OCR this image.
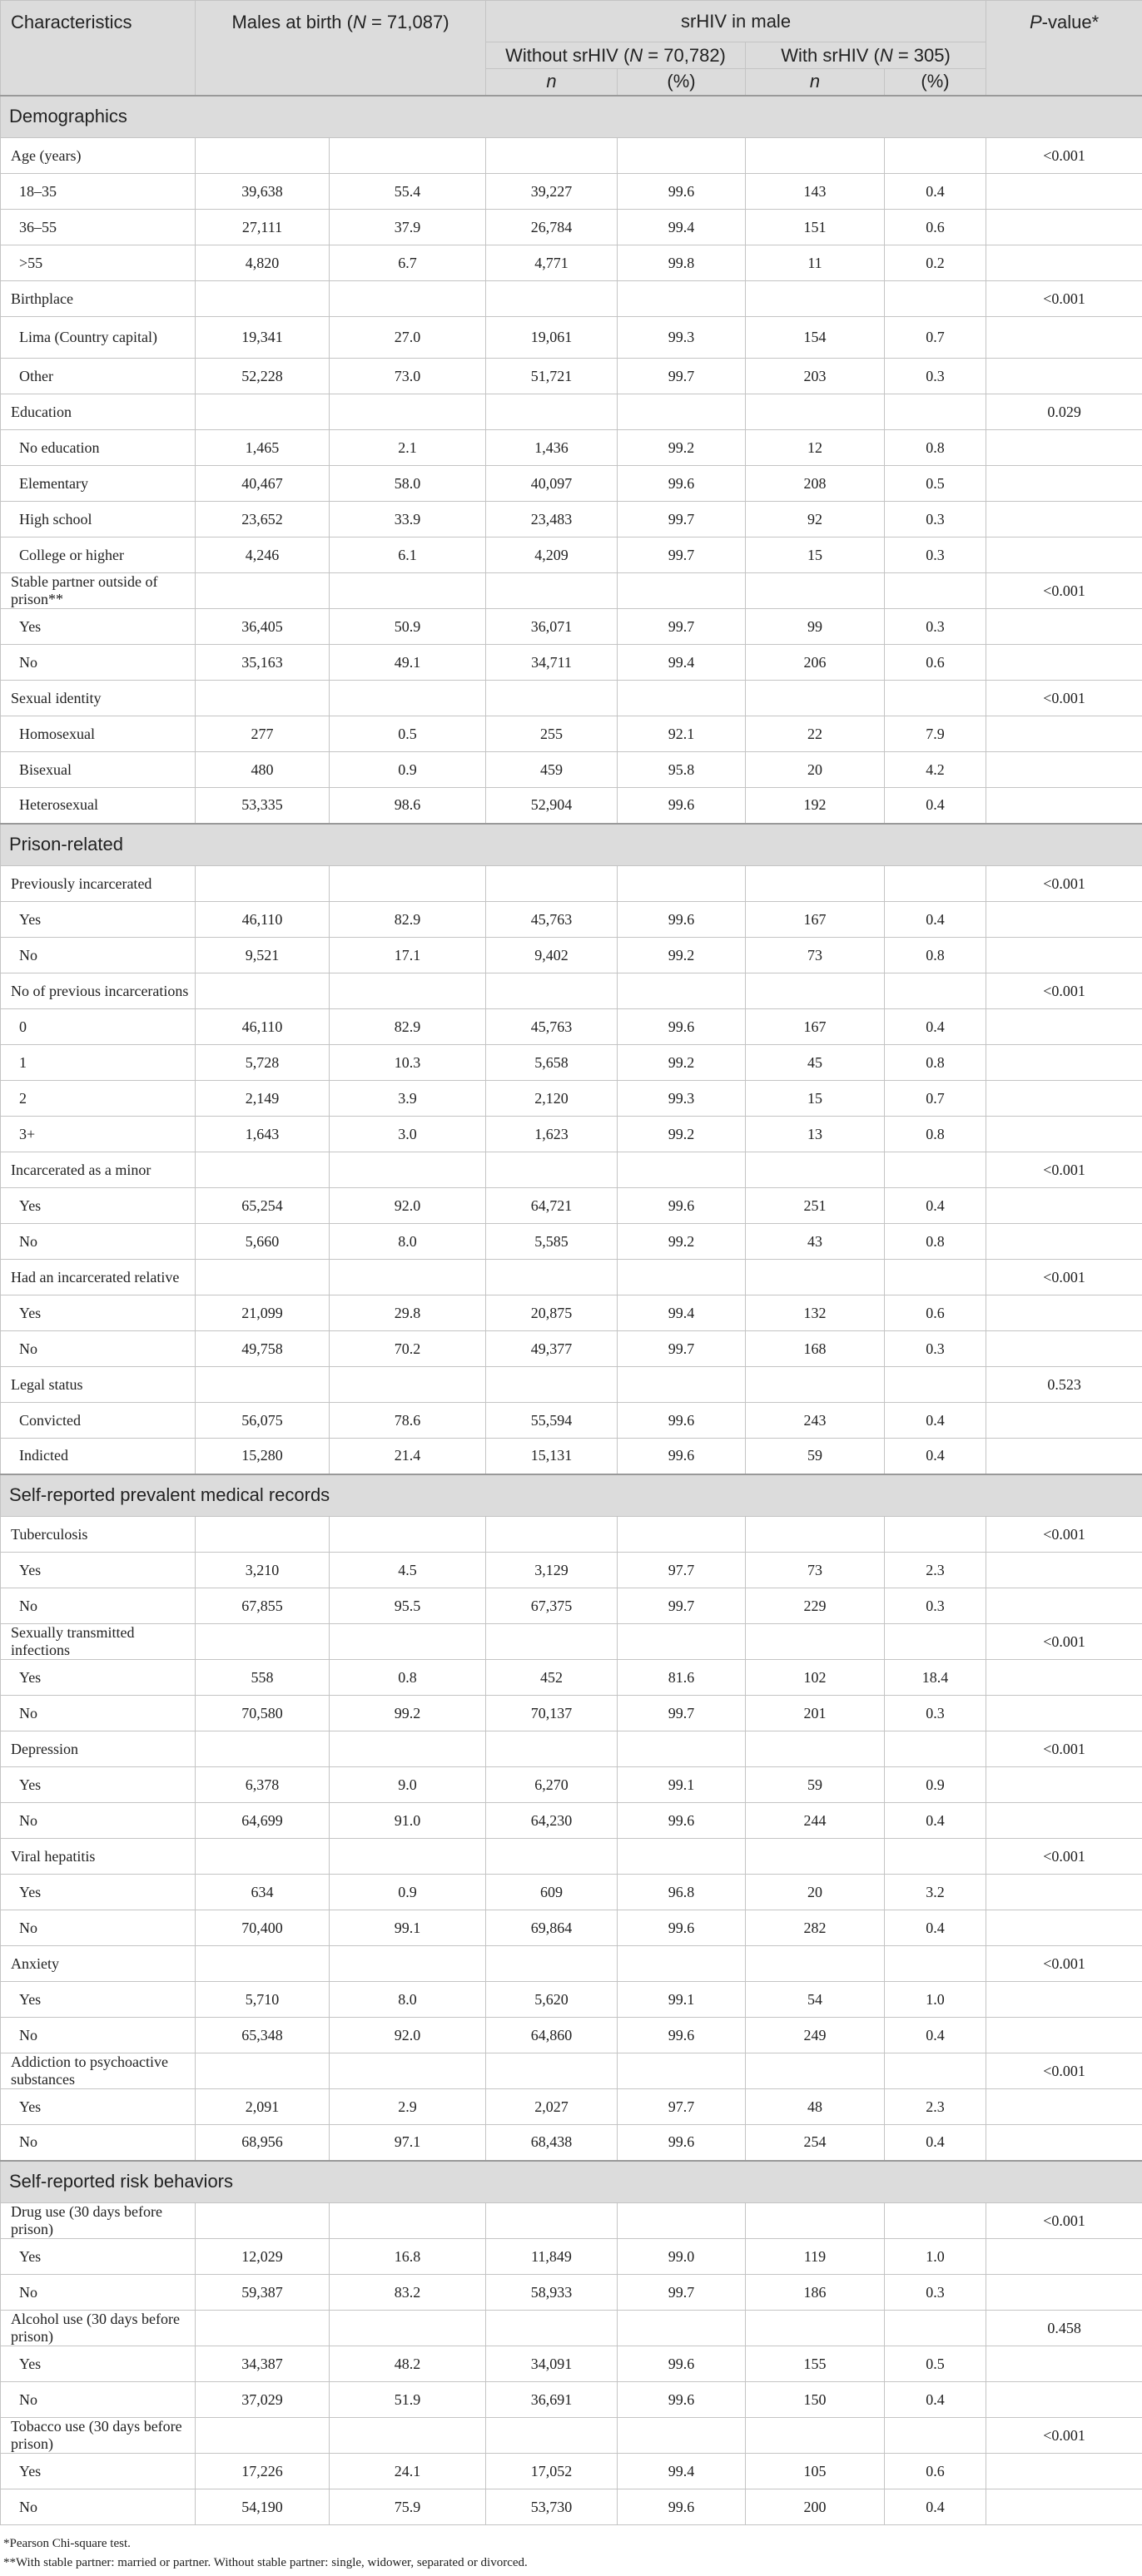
Characteristics	Males at birth (N = 71,087)		srHIV in male				P-value*
			Without srHIV (N = 70,782)		With srHIV (N = 305)		
			n	(%)	n	(%)	
Demographics							
Age (years)							<0.001
18–35	39,638	55.4	39,227	99.6	143	0.4	
36–55	27,111	37.9	26,784	99.4	151	0.6	
>55	4,820	6.7	4,771	99.8	11	0.2	
Birthplace							<0.001
Lima (Country capital)	19,341	27.0	19,061	99.3	154	0.7	
Other	52,228	73.0	51,721	99.7	203	0.3	
Education							0.029
No education	1,465	2.1	1,436	99.2	12	0.8	
Elementary	40,467	58.0	40,097	99.6	208	0.5	
High school	23,652	33.9	23,483	99.7	92	0.3	
College or higher	4,246	6.1	4,209	99.7	15	0.3	
Stable partner outside of prison**							<0.001
Yes	36,405	50.9	36,071	99.7	99	0.3	
No	35,163	49.1	34,711	99.4	206	0.6	
Sexual identity							<0.001
Homosexual	277	0.5	255	92.1	22	7.9	
Bisexual	480	0.9	459	95.8	20	4.2	
Heterosexual	53,335	98.6	52,904	99.6	192	0.4	
Prison-related							
Previously incarcerated							<0.001
Yes	46,110	82.9	45,763	99.6	167	0.4	
No	9,521	17.1	9,402	99.2	73	0.8	
No of previous incarcerations							<0.001
0	46,110	82.9	45,763	99.6	167	0.4	
1	5,728	10.3	5,658	99.2	45	0.8	
2	2,149	3.9	2,120	99.3	15	0.7	
3+	1,643	3.0	1,623	99.2	13	0.8	
Incarcerated as a minor							<0.001
Yes	65,254	92.0	64,721	99.6	251	0.4	
No	5,660	8.0	5,585	99.2	43	0.8	
Had an incarcerated relative							<0.001
Yes	21,099	29.8	20,875	99.4	132	0.6	
No	49,758	70.2	49,377	99.7	168	0.3	
Legal status							0.523
Convicted	56,075	78.6	55,594	99.6	243	0.4	
Indicted	15,280	21.4	15,131	99.6	59	0.4	
Self-reported prevalent medical records							
Tuberculosis							<0.001
Yes	3,210	4.5	3,129	97.7	73	2.3	
No	67,855	95.5	67,375	99.7	229	0.3	
Sexually transmitted infections							<0.001
Yes	558	0.8	452	81.6	102	18.4	
No	70,580	99.2	70,137	99.7	201	0.3	
Depression							<0.001
Yes	6,378	9.0	6,270	99.1	59	0.9	
No	64,699	91.0	64,230	99.6	244	0.4	
Viral hepatitis							<0.001
Yes	634	0.9	609	96.8	20	3.2	
No	70,400	99.1	69,864	99.6	282	0.4	
Anxiety							<0.001
Yes	5,710	8.0	5,620	99.1	54	1.0	
No	65,348	92.0	64,860	99.6	249	0.4	
Addiction to psychoactive substances							<0.001
Yes	2,091	2.9	2,027	97.7	48	2.3	
No	68,956	97.1	68,438	99.6	254	0.4	
Self-reported risk behaviors							
Drug use (30 days before prison)							<0.001
Yes	12,029	16.8	11,849	99.0	119	1.0	
No	59,387	83.2	58,933	99.7	186	0.3	
Alcohol use (30 days before prison)							0.458
Yes	34,387	48.2	34,091	99.6	155	0.5	
No	37,029	51.9	36,691	99.6	150	0.4	
Tobacco use (30 days before prison)							<0.001
Yes	17,226	24.1	17,052	99.4	105	0.6	
No	54,190	75.9	53,730	99.6	200	0.4	
*Pearson Chi-square test.
**With stable partner: married or partner. Without stable partner: single, widower, separated or divorced.
